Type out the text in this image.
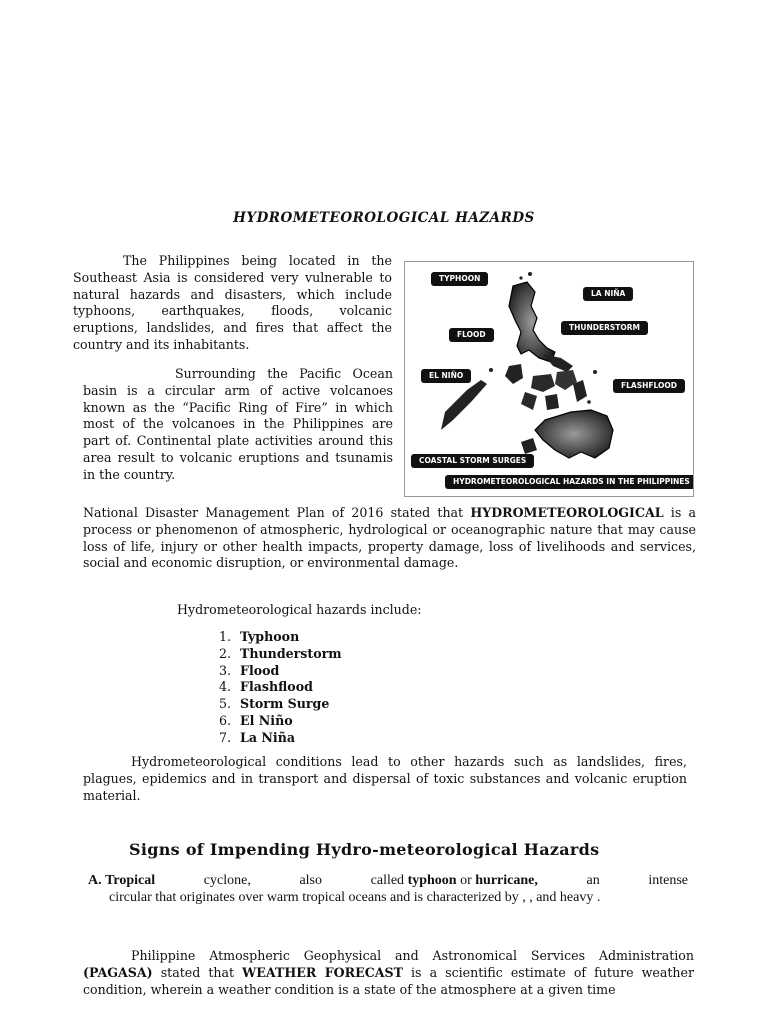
HYDROMETEOROLOGICAL HAZARDS

The Philippines being located in the Southeast Asia is considered very vulnerable to natural hazards and disasters, which include typhoons, earthquakes, floods, volcanic eruptions, landslides, and fires that affect the country and its inhabitants.

Surrounding the Pacific Ocean basin is a circular arm of active volcanoes known as the “Pacific Ring of Fire” in which most of the volcanoes in the Philippines are part of. Continental plate activities around this area result to volcanic eruptions and tsunamis in the country.

TYPHOON
LA NIÑA
FLOOD
THUNDERSTORM
EL NIÑO
FLASHFLOOD
COASTAL STORM SURGES
HYDROMETEOROLOGICAL HAZARDS IN THE PHILIPPINES

National Disaster Management Plan of 2016 stated that HYDROMETEOROLOGICAL is a process or phenomenon of atmospheric, hydrological or oceanographic nature that may cause loss of life, injury or other health impacts, property damage, loss of livelihoods and services, social and economic disruption, or environmental damage.

Hydrometeorological hazards include:
1. Typhoon
2. Thunderstorm
3. Flood
4. Flashflood
5. Storm Surge
6. El Niño
7. La Niña

Hydrometeorological conditions lead to other hazards such as landslides, fires, plagues, epidemics and in transport and dispersal of toxic substances and volcanic eruption material.

Signs of Impending Hydro-meteorological Hazards
A. Tropical	cyclone,	also	called typhoon or hurricane,	an	intense
circular that originates over warm tropical oceans and is characterized by , , and heavy .

Philippine Atmospheric Geophysical and Astronomical Services Administration (PAGASA) stated that WEATHER FORECAST is a scientific estimate of future weather condition, wherein a weather condition is a state of the atmosphere at a given time
